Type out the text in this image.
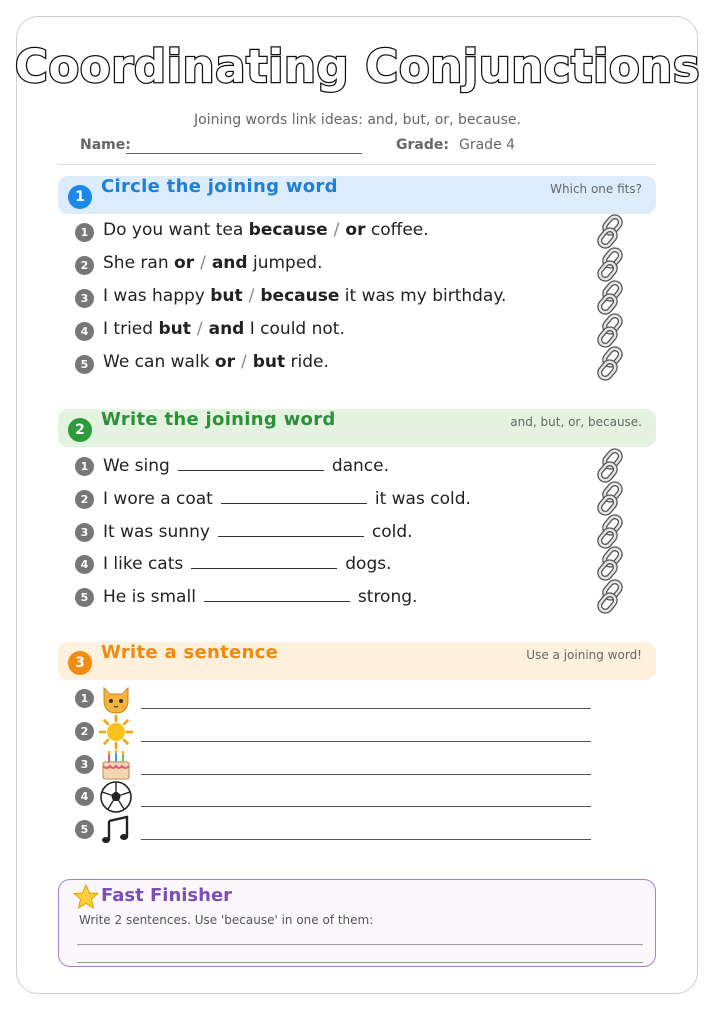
Coordinating Conjunctions
Joining words link ideas: and, but, or, because.
Name:	Grade: Grade 4
1 Circle the joining word	Which one fits?
1 Do you want tea because / or coffee.
2 She ran or / and jumped.
3 I was happy but / because it was my birthday.
4 I tried but / and I could not.
5 We can walk or / but ride.
2 Write the joining word	and, but, or, because.
1 We sing	dance.
2 I wore a coat	it was cold.
3 It was sunny	cold.
4 I like cats	dogs.
5 He is small	strong.
3 Write a sentence	Use a joining word!
1
2
3
4
5
Fast Finisher
Write 2 sentences. Use 'because' in one of them:
